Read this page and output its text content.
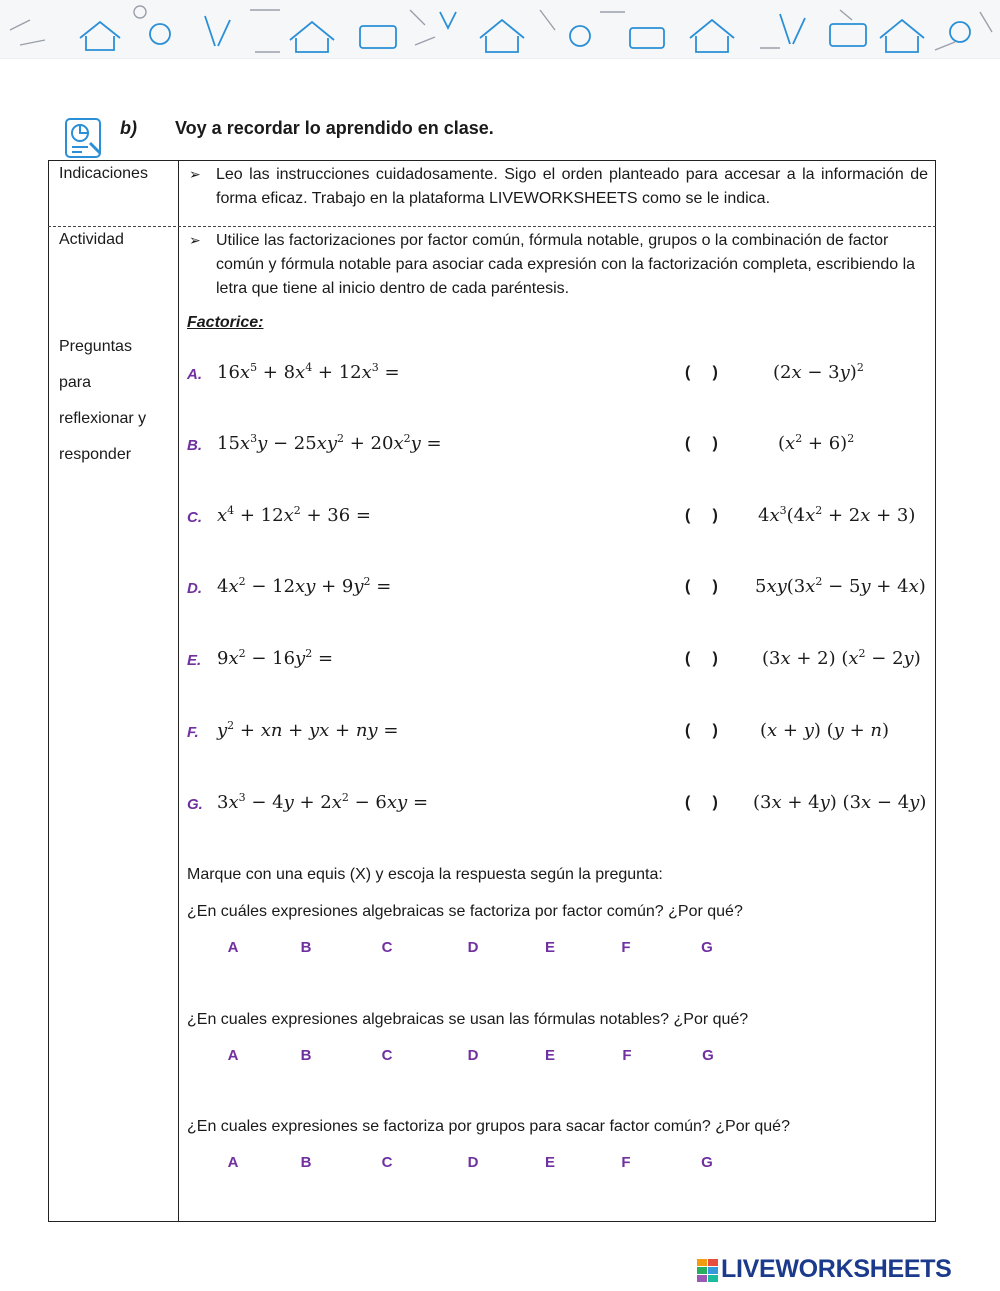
b) Voy a recordar lo aprendido en clase.
Indicaciones	➢ Leo las instrucciones cuidadosamente. Sigo el orden planteado para accesar a la información de forma eficaz. Trabajo en la plataforma LIVEWORKSHEETS como se le indica.
Actividad	➢ Utilice las factorizaciones por factor común, fórmula notable, grupos o la combinación de factor común y fórmula notable para asociar cada expresión con la factorización completa, escribiendo la letra que tiene al inicio dentro de cada paréntesis.
Preguntas
para
reflexionar y
responder
Factorice:
A. $16x^5 + 8x^4 + 12x^3$ =	(     )	$(2x - 3y)^2$
B. $15x^3y - 25xy^2 + 20x^2y$ =	(     )	$(x^2 + 6)^2$
C. $x^4 + 12x^2 + 36$ =	(     ) $4x^3(4x^2 + 2x + 3)$
D. $4x^2 - 12xy + 9y^2$ =	(     ) $5xy(3x^2 - 5y + 4x)$
E. $9x^2 - 16y^2$ =	(     ) (3x + 2) $(x^2 - 2y)$
F. $y^2$ + xn + yx + ny =	(     ) (x + y) (y + n)
G. $3x^3 - 4y + 2x^2 - 6xy$ =	(     ) (3x + 4y) (3x − 4y)
Marque con una equis (X) y escoja la respuesta según la pregunta:
¿En cuáles expresiones algebraicas se factoriza por factor común? ¿Por qué?
A	B	C	D	E	F	G
¿En cuales expresiones algebraicas se usan las fórmulas notables? ¿Por qué?
A	B	C	D	E	F	G
¿En cuales expresiones se factoriza por grupos para sacar factor común? ¿Por qué?
A	B	C	D	E	F	G
LIVEWORKSHEETS
